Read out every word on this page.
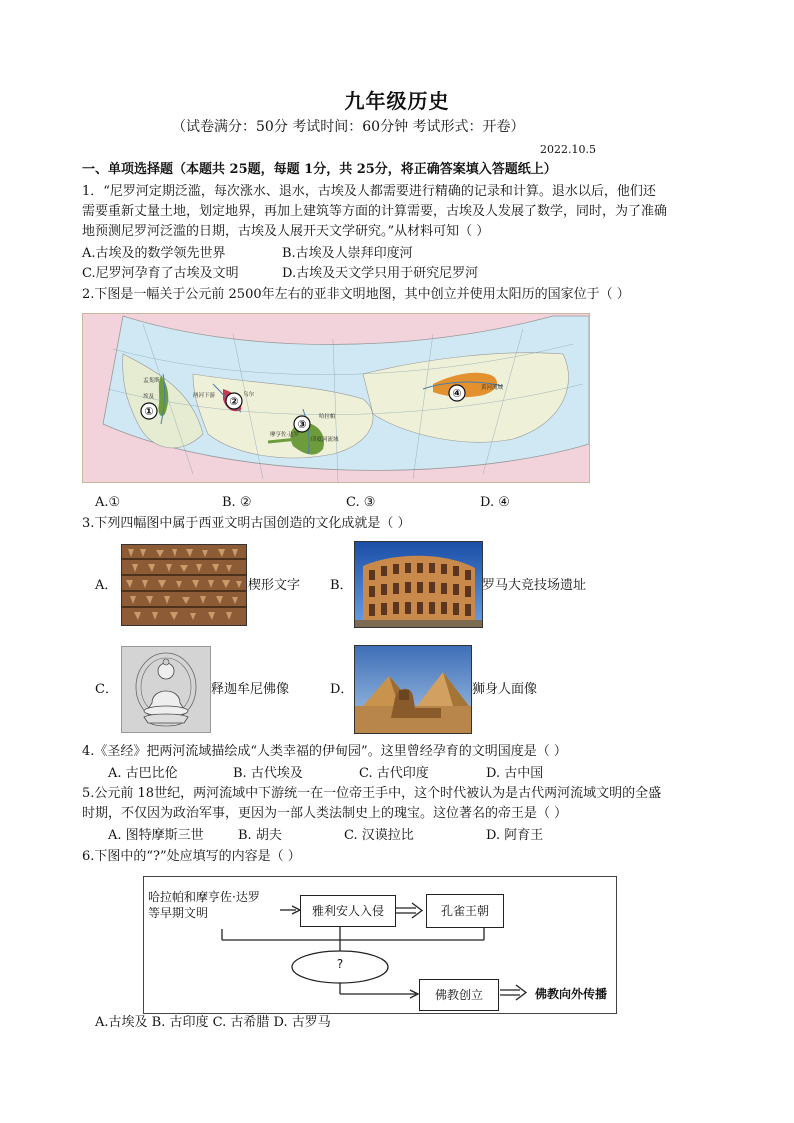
九年级历史
（试卷满分：50分 考试时间：60分钟 考试形式：开卷）
2022.10.5
一、单项选择题（本题共 25题，每题 1分，共 25分，将正确答案填入答题纸上）
1．“尼罗河定期泛滥，每次涨水、退水，古埃及人都需要进行精确的记录和计算。退水以后，他们还
需要重新丈量土地，划定地界，再加上建筑等方面的计算需要，古埃及人发展了数学，同时，为了准确
地预测尼罗河泛滥的日期，古埃及人展开天文学研究。”从材料可知（ ）
A.古埃及的数学领先世界	B.古埃及人崇拜印度河
C.尼罗河孕育了古埃及文明	D.古埃及天文学只用于研究尼罗河
2.下图是一幅关于公元前 2500年左右的亚非文明地图，其中创立并使用太阳历的国家位于（ ）
①
②
③
④
孟斐斯
埃及	两河下游	乌尔
哈拉帕
摩亨佐·达罗
印度河流域
黄河流域
A.①	B. ②	C. ③	D. ④
3.下列四幅图中属于西亚文明古国创造的文化成就是（ ）
A．	楔形文字 B．	罗马大竞技场遗址
C．	释迦牟尼佛像	D．	狮身人面像
4.《圣经》把两河流域描绘成“人类幸福的伊甸园”。这里曾经孕育的文明国度是（ ）
A. 古巴比伦	B. 古代埃及	C. 古代印度	D. 古中国
5.公元前 18世纪，两河流域中下游统一在一位帝王手中，这个时代被认为是古代两河流域文明的全盛
时期，不仅因为政治军事，更因为一部人类法制史上的瑰宝。这位著名的帝王是（ ）
A. 图特摩斯三世	B. 胡夫	C. 汉谟拉比	D. 阿育王
6.下图中的“?”处应填写的内容是（ ）
哈拉帕和摩亨佐·达罗
等早期文明	雅利安人入侵	孔雀王朝
?
佛教创立	佛教向外传播
A.古埃及 B. 古印度 C. 古希腊 D. 古罗马
